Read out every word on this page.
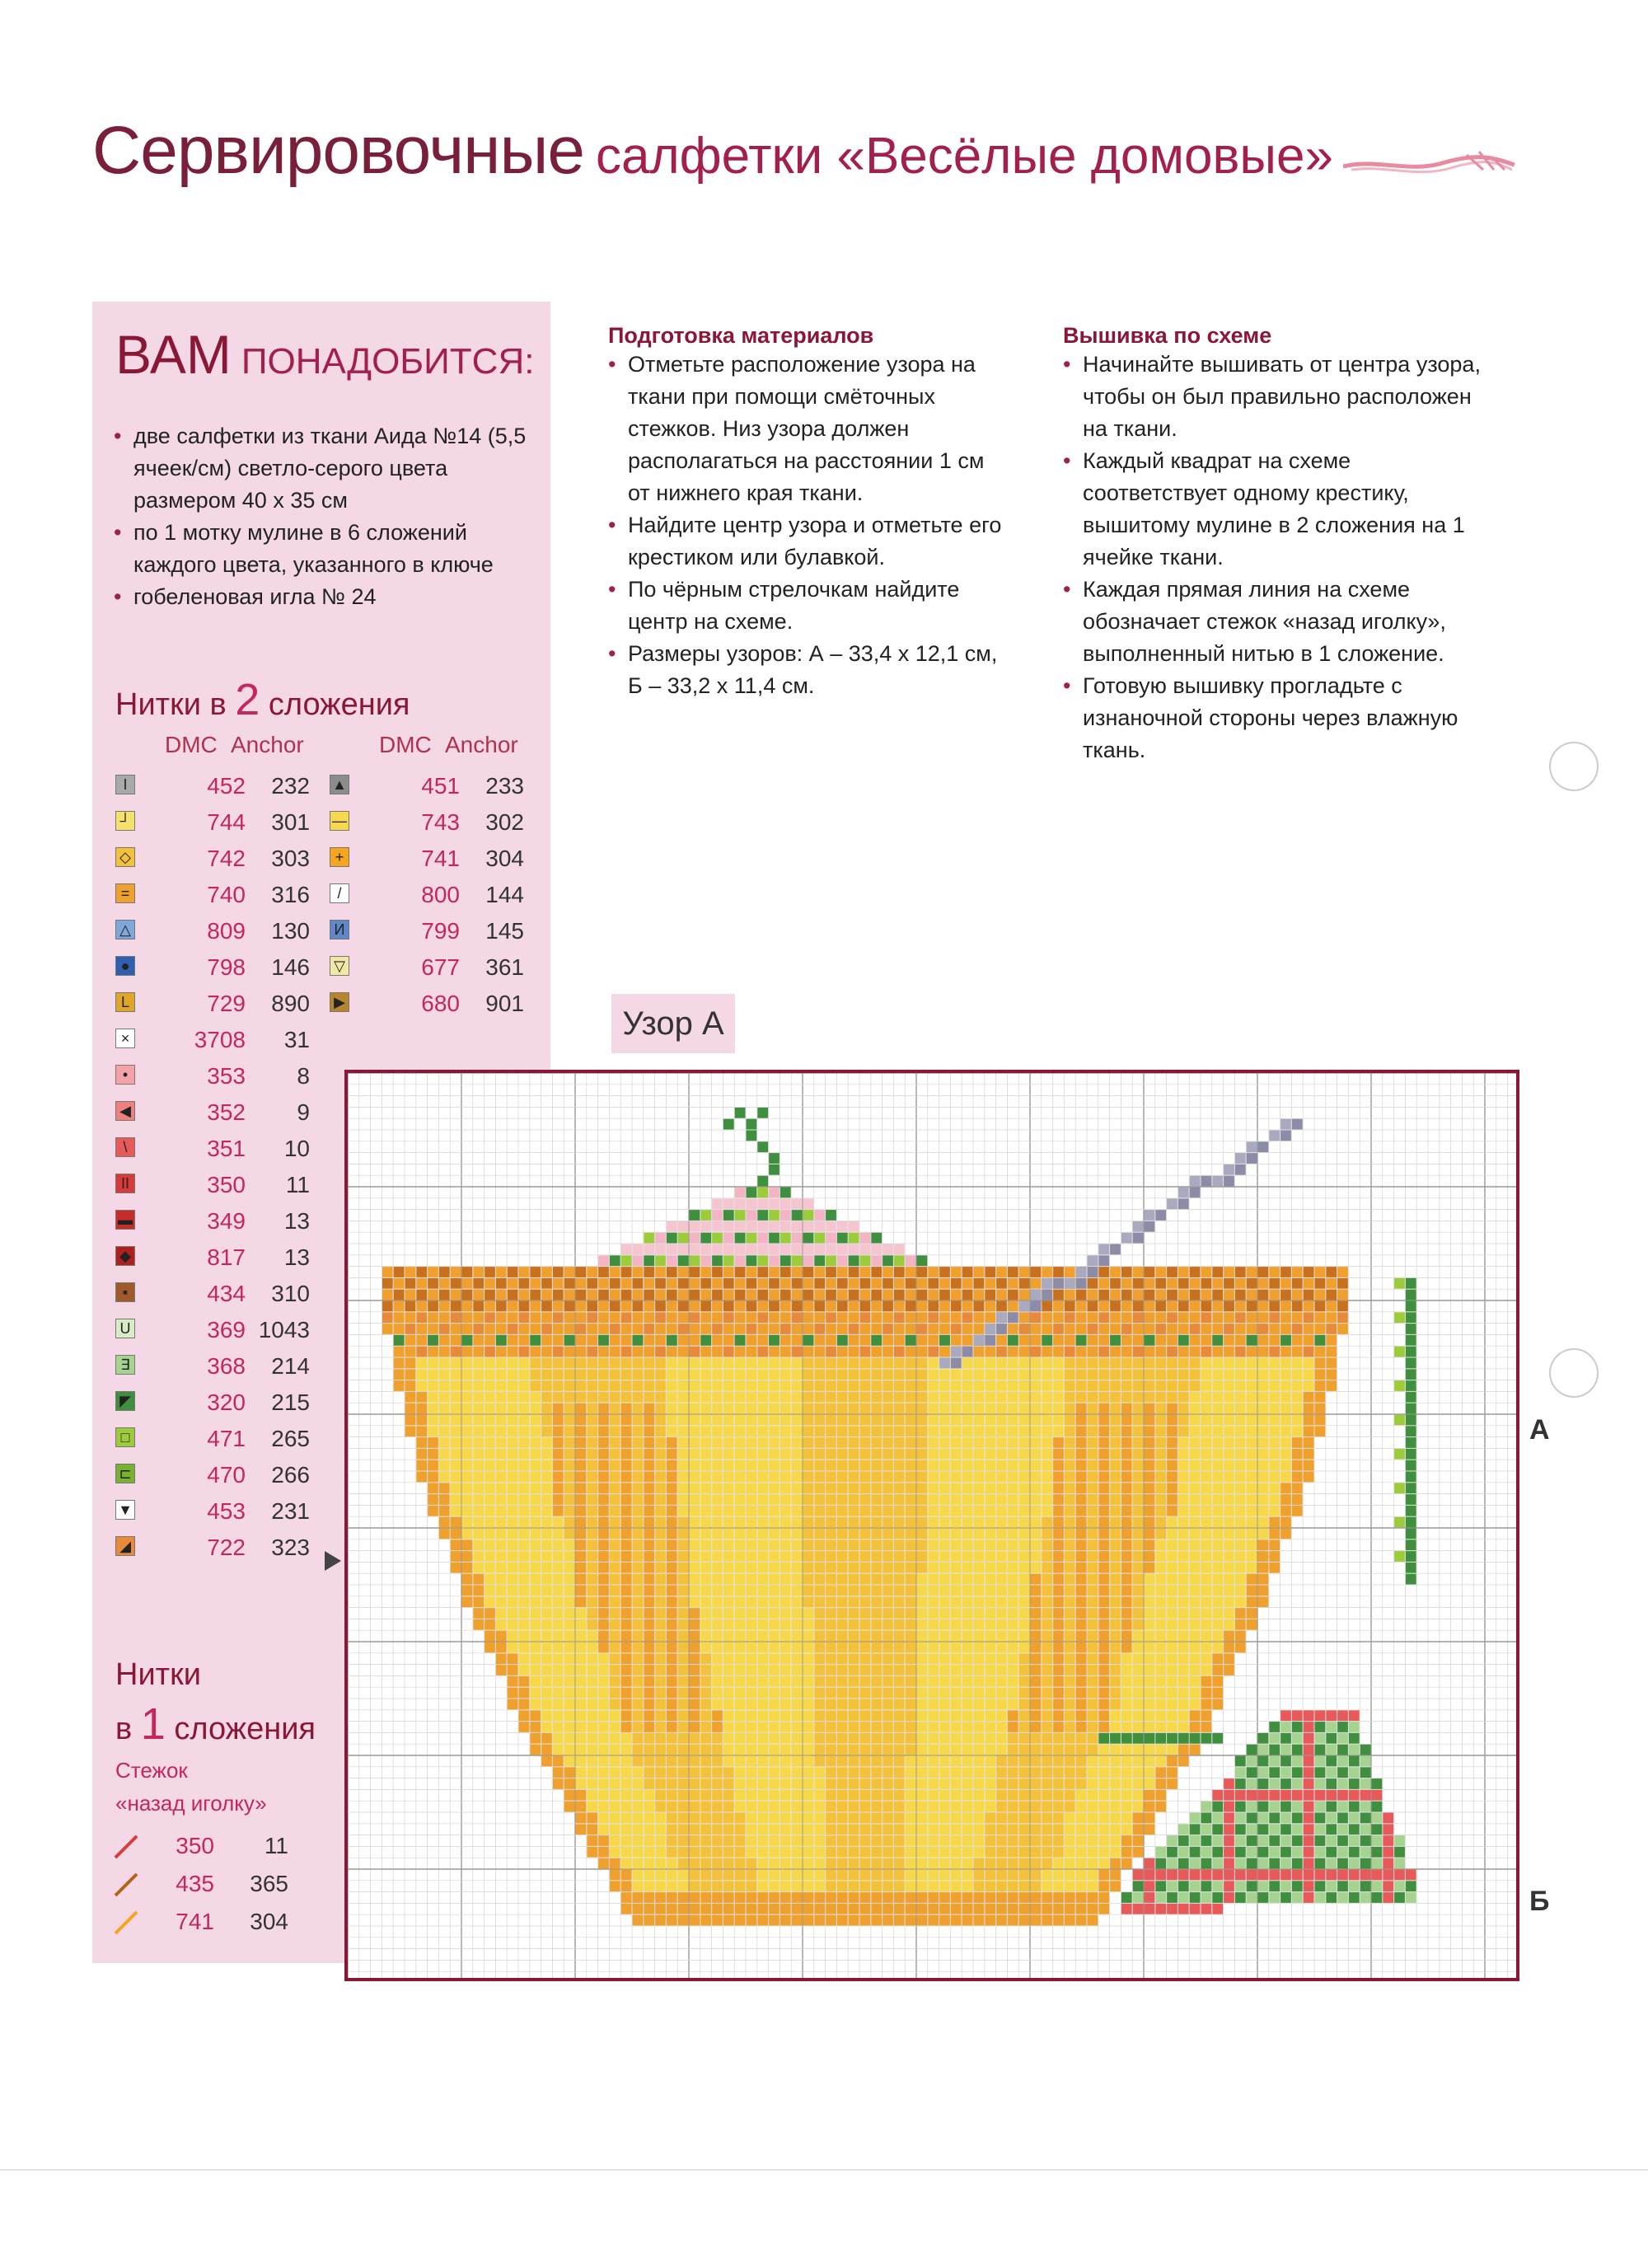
Сервировочные салфетки «Весёлые домовые»
ВАМ ПОНАДОБИТСЯ:
• две салфетки из ткани Аида №14 (5,5 ячеек/см) светло-серого цвета размером 40 х 35 см
• по 1 мотку мулине в 6 сложений каждого цвета, указанного в ключе
• гобеленовая игла № 24
Нитки в 2 сложения
DMC Anchor	DMC Anchor
I	452	232
┘	744	301
◇	742	303
=	740	316
△	809	130
●	798	146
L	729	890
×	3708	31
•	353	8
◀	352	9
\	351	10
II	350	11
▬	349	13
◆	817	13
▪	434	310
U	369 1043
∃	368	214
◤	320	215
□	471	265
⊏	470	266
▼	453	231
◢	722	323
▲	451	233
—	743	302
+	741	304
/	800	144
И	799	145
▽	677	361
▶	680	901
Нитки
в 1 сложения
Стежок
«назад иголку»
350	11
435	365
741	304
Подготовка материалов
• Отметьте расположение узора на ткани при помощи смёточных стежков. Низ узора должен располагаться на расстоянии 1 см от нижнего края ткани.
• Найдите центр узора и отметьте его крестиком или булавкой.
• По чёрным стрелочкам найдите центр на схеме.
• Размеры узоров: А – 33,4 х 12,1 см, Б – 33,2 х 11,4 см.
Вышивка по схеме
• Начинайте вышивать от центра узора, чтобы он был правильно расположен на ткани.
• Каждый квадрат на схеме соответствует одному крестику, вышитому мулине в 2 сложения на 1 ячейке ткани.
• Каждая прямая линия на схеме обозначает стежок «назад иголку», выполненный нитью в 1 сложение.
• Готовую вышивку прогладьте с изнаночной стороны через влажную ткань.
Узор А
А
Б
